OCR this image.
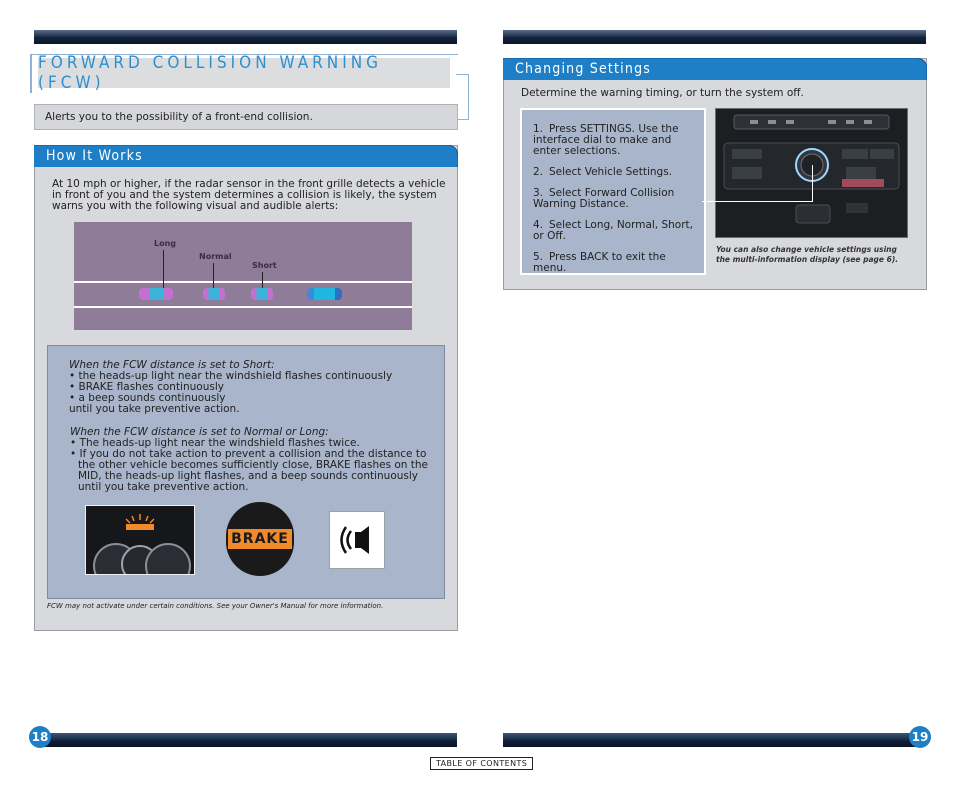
FORWARD COLLISION WARNING (FCW)
Alerts you to the possibility of a front-end collision.
How It Works
At 10 mph or higher, if the radar sensor in the front grille detects a vehicle in front of you and the system determines a collision is likely, the system warns you with the following visual and audible alerts:
Long
Normal
Short
When the FCW distance is set to Short:
• the heads-up light near the windshield flashes continuously
• BRAKE flashes continuously
• a beep sounds continuously
until you take preventive action.
When the FCW distance is set to Normal or Long:
• The heads-up light near the windshield flashes twice.
• If you do not take action to prevent a collision and the distance to the other vehicle becomes sufficiently close, BRAKE flashes on the MID, the heads-up light flashes, and a beep sounds continuously until you take preventive action.
BRAKE
FCW may not activate under certain conditions. See your Owner's Manual for more information.
Changing Settings
Determine the warning timing, or turn the system off.
1. Press SETTINGS. Use the interface dial to make and enter selections.
2. Select Vehicle Settings.
3. Select Forward Collision Warning Distance.
4. Select Long, Normal, Short, or Off.
5. Press BACK to exit the menu.
You can also change vehicle settings using the multi-information display (see page 6).
18	19
TABLE OF CONTENTS
